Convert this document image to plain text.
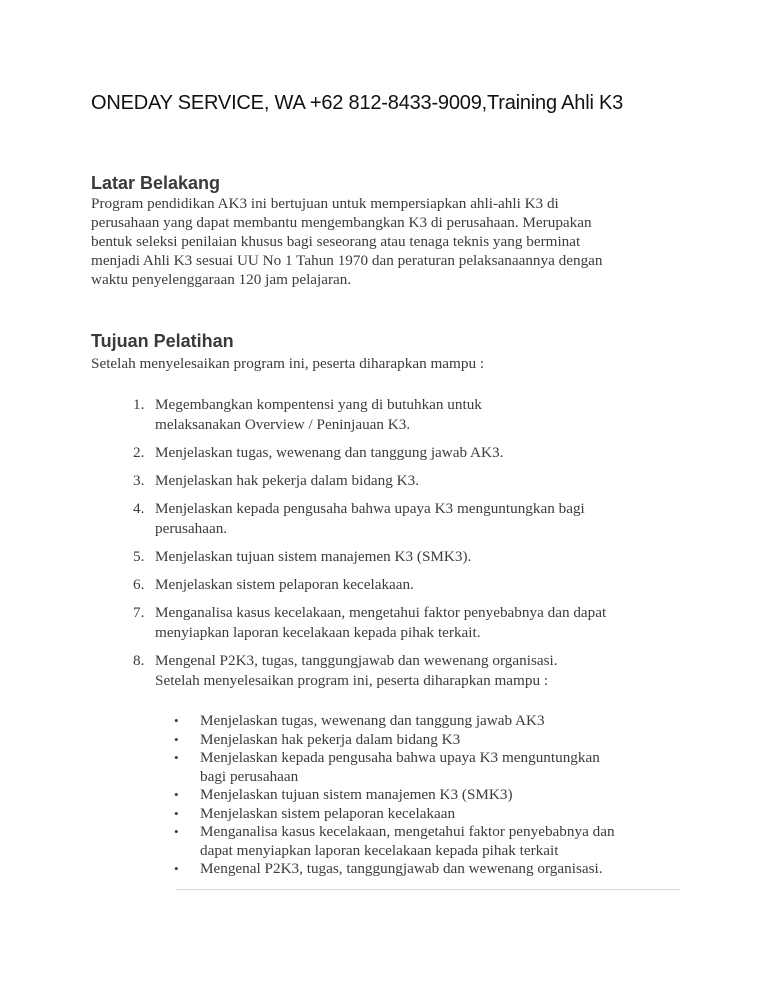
ONEDAY SERVICE, WA +62 812-8433-9009,Training Ahli K3
Latar Belakang

Program pendidikan AK3 ini bertujuan untuk mempersiapkan ahli-ahli K3 di

perusahaan yang dapat membantu mengembangkan K3 di perusahaan. Merupakan

bentuk seleksi penilaian khusus bagi seseorang atau tenaga teknis yang berminat

menjadi Ahli K3 sesuai UU No 1 Tahun 1970 dan peraturan pelaksanaannya dengan

waktu penyelenggaraan 120 jam pelajaran.

Tujuan Pelatihan
Setelah menyelesaikan program ini, peserta diharapkan mampu :
1. Megembangkan kompentensi yang di butuhkan untuk
melaksanakan Overview / Peninjauan K3.
2. Menjelaskan tugas, wewenang dan tanggung jawab AK3.
3. Menjelaskan hak pekerja dalam bidang K3.
4. Menjelaskan kepada pengusaha bahwa upaya K3 menguntungkan bagi
perusahaan.
5. Menjelaskan tujuan sistem manajemen K3 (SMK3).
6. Menjelaskan sistem pelaporan kecelakaan.
7. Menganalisa kasus kecelakaan, mengetahui faktor penyebabnya dan dapat
menyiapkan laporan kecelakaan kepada pihak terkait.
8. Mengenal P2K3, tugas, tanggungjawab dan wewenang organisasi.
Setelah menyelesaikan program ini, peserta diharapkan mampu :
• Menjelaskan tugas, wewenang dan tanggung jawab AK3
• Menjelaskan hak pekerja dalam bidang K3
• Menjelaskan kepada pengusaha bahwa upaya K3 menguntungkan
bagi perusahaan
• Menjelaskan tujuan sistem manajemen K3 (SMK3)
• Menjelaskan sistem pelaporan kecelakaan
• Menganalisa kasus kecelakaan, mengetahui faktor penyebabnya dan
dapat menyiapkan laporan kecelakaan kepada pihak terkait
• Mengenal P2K3, tugas, tanggungjawab dan wewenang organisasi.
